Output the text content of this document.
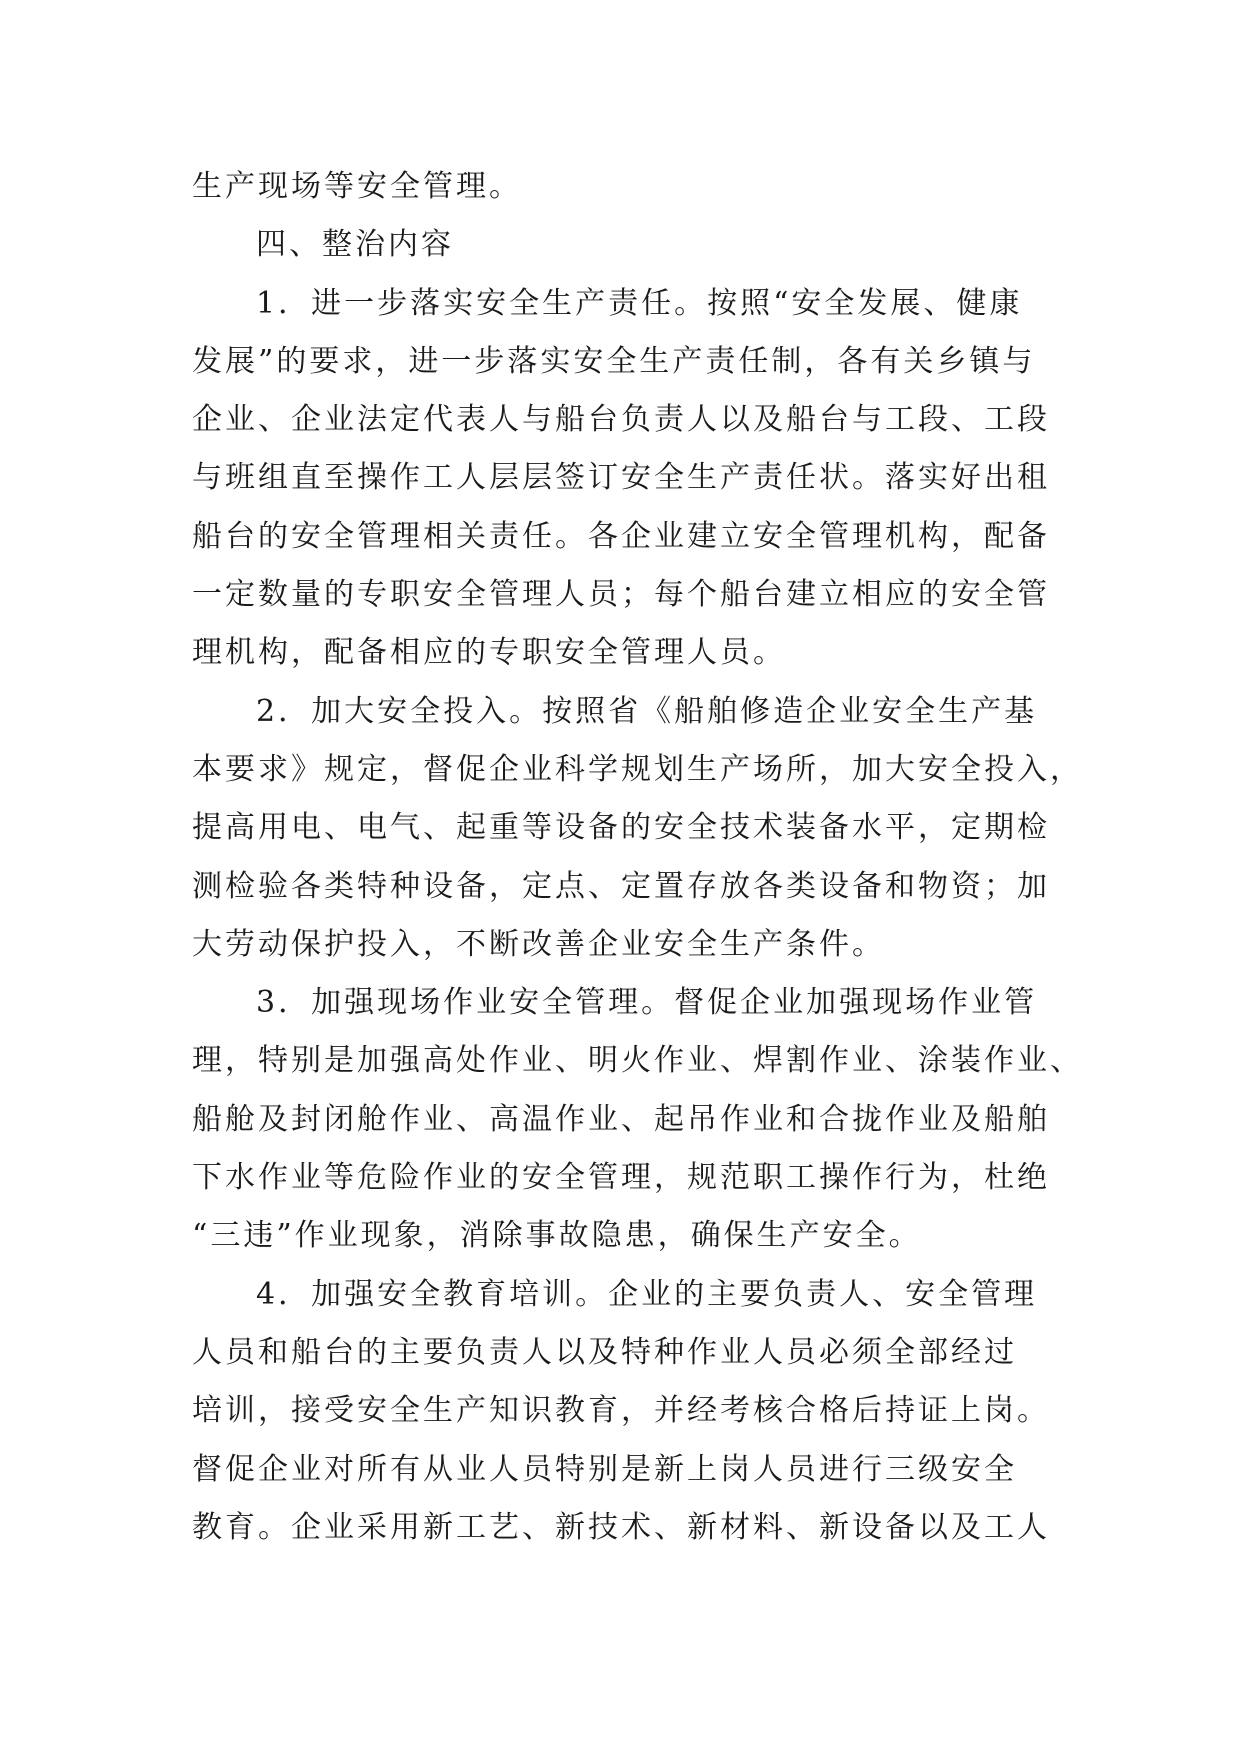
生产现场等安全管理。
四、整治内容
1．进一步落实安全生产责任。按照“安全发展、健康
发展”的要求，进一步落实安全生产责任制，各有关乡镇与
企业、企业法定代表人与船台负责人以及船台与工段、工段
与班组直至操作工人层层签订安全生产责任状。落实好出租
船台的安全管理相关责任。各企业建立安全管理机构，配备
一定数量的专职安全管理人员；每个船台建立相应的安全管
理机构，配备相应的专职安全管理人员。
2．加大安全投入。按照省《船舶修造企业安全生产基
本要求》规定，督促企业科学规划生产场所，加大安全投入，
提高用电、电气、起重等设备的安全技术装备水平，定期检
测检验各类特种设备，定点、定置存放各类设备和物资；加
大劳动保护投入，不断改善企业安全生产条件。
3．加强现场作业安全管理。督促企业加强现场作业管
理，特别是加强高处作业、明火作业、焊割作业、涂装作业、
船舱及封闭舱作业、高温作业、起吊作业和合拢作业及船舶
下水作业等危险作业的安全管理，规范职工操作行为，杜绝
“三违”作业现象，消除事故隐患，确保生产安全。
4．加强安全教育培训。企业的主要负责人、安全管理
人员和船台的主要负责人以及特种作业人员必须全部经过
培训，接受安全生产知识教育，并经考核合格后持证上岗。
督促企业对所有从业人员特别是新上岗人员进行三级安全
教育。企业采用新工艺、新技术、新材料、新设备以及工人
